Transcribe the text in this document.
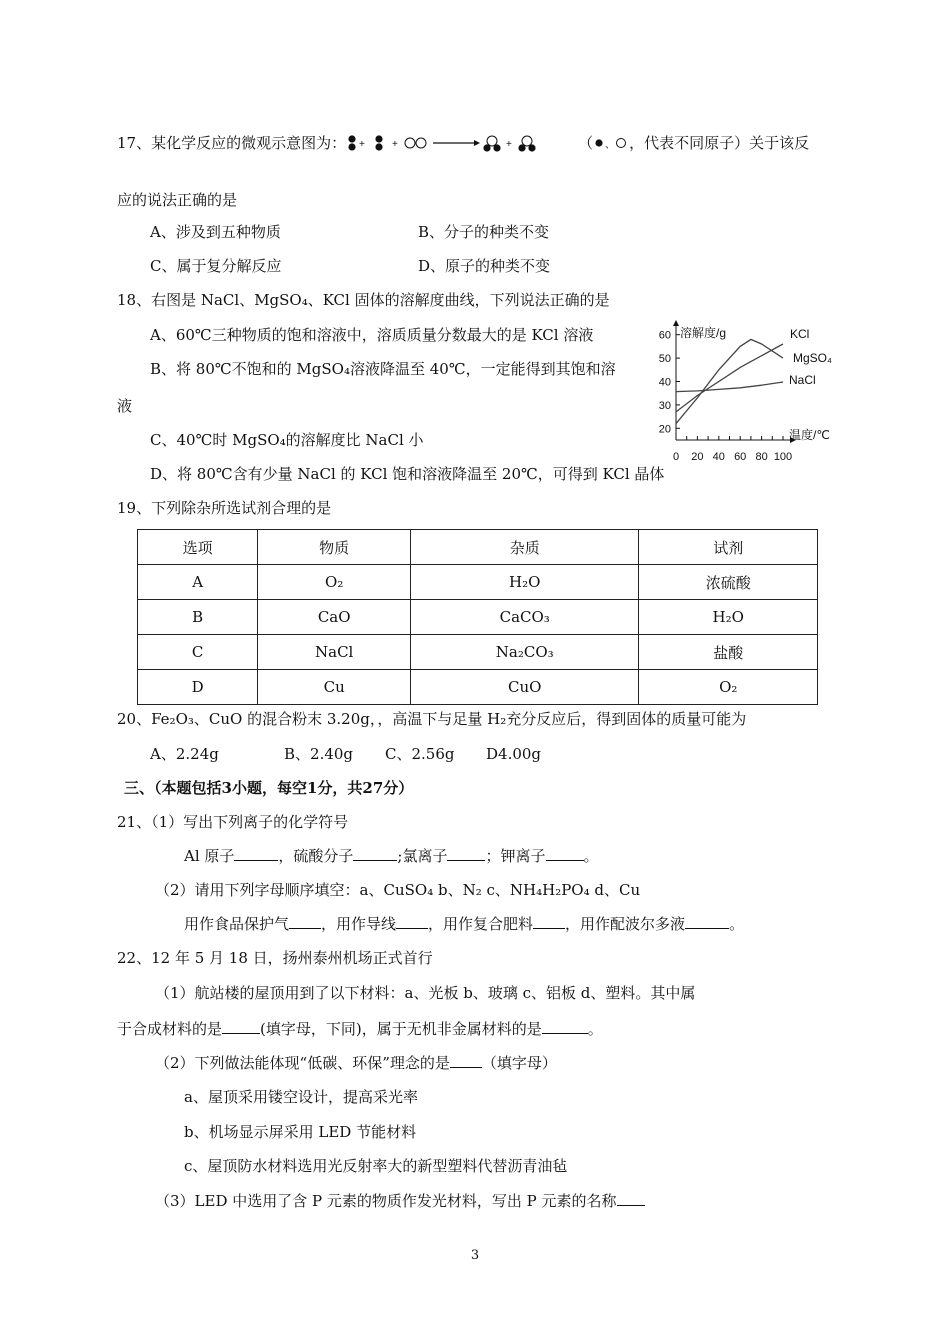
17、某化学反应的微观示意图为： +	+	+	（ 、 ，代表不同原子）关于该反
应的说法正确的是
A、涉及到五种物质	B、分子的种类不变
C、属于复分解反应	D、原子的种类不变
18、右图是 NaCl、MgSO₄、KCl 固体的溶解度曲线，下列说法正确的是
A、60℃三种物质的饱和溶液中，溶质质量分数最大的是 KCl 溶液
B、将 80℃不饱和的 MgSO₄溶液降温至 40℃，一定能得到其饱和溶
液
C、40℃时 MgSO₄的溶解度比 NaCl 小
D、将 80℃含有少量 NaCl 的 KCl 饱和溶液降温至 20℃，可得到 KCl 晶体
0 20 40 60 80 100
20
30
40
50
60 溶解度/g
温度/℃
KCl
MgSO₄
NaCl
19、下列除杂所选试剂合理的是
选项	物质	杂质	试剂
A	O₂	H₂O	浓硫酸
B	CaO	CaCO₃	H₂O
C	NaCl	Na₂CO₃	盐酸
D	Cu	CuO	O₂
20、Fe₂O₃、CuO 的混合粉末 3.20g，，高温下与足量 H₂充分反应后，得到固体的质量可能为
A、2.24g	B、2.40g C、2.56g D4.00g
三、（本题包括3小题，每空1分，共27分）
21、（1）写出下列离子的化学符号
Al 原子	，硫酸分子	;氯离子	；钾离子	。
（2）请用下列字母顺序填空：a、CuSO₄ b、N₂ c、NH₄H₂PO₄ d、Cu
用作食品保护气 ，用作导线 ，用作复合肥料 ，用作配波尔多液	。
22、12 年 5 月 18 日，扬州泰州机场正式首行
（1）航站楼的屋顶用到了以下材料：a、光板 b、玻璃 c、铝板 d、塑料。其中属
于合成材料的是	(填字母，下同)，属于无机非金属材料的是	。
（2）下列做法能体现“低碳、环保”理念的是 （填字母）
a、屋顶采用镂空设计，提高采光率
b、机场显示屏采用 LED 节能材料
c、屋顶防水材料选用光反射率大的新型塑料代替沥青油毡
（3）LED 中选用了含 P 元素的物质作发光材料，写出 P 元素的名称
3
